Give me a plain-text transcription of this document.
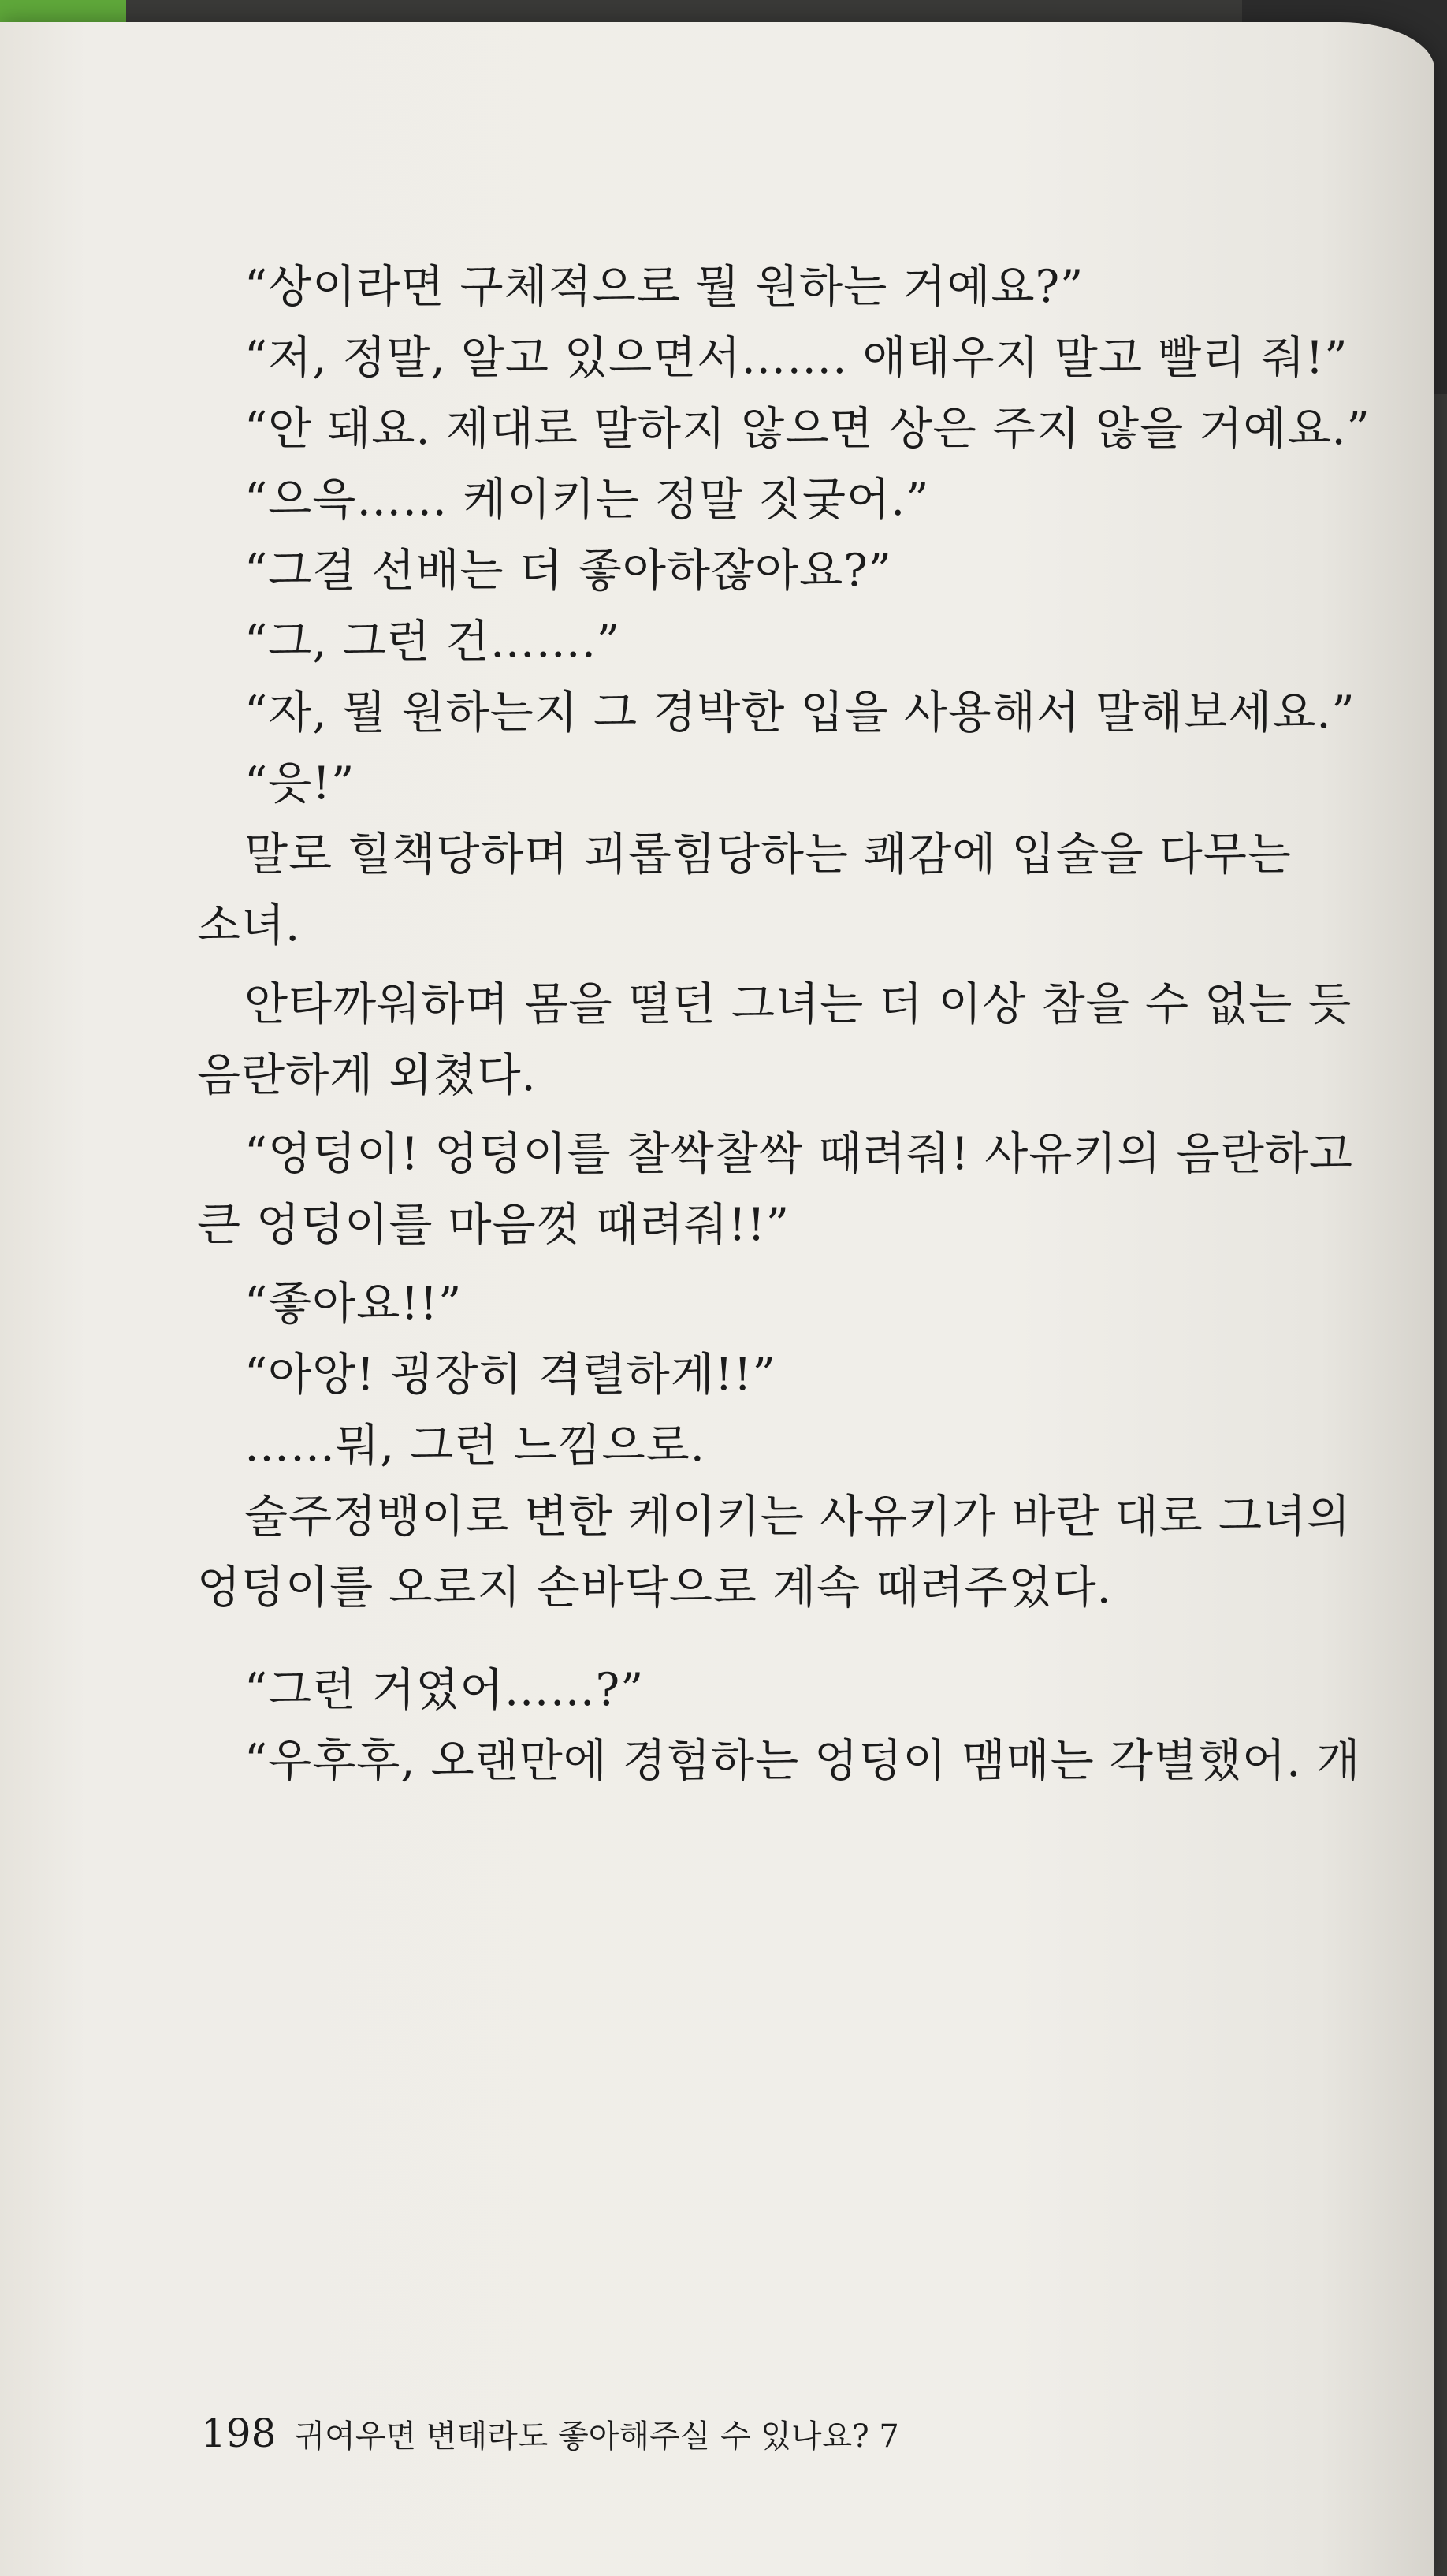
“상이라면 구체적으로 뭘 원하는 거예요?”
“저, 정말, 알고 있으면서……. 애태우지 말고 빨리 줘!”
“안 돼요. 제대로 말하지 않으면 상은 주지 않을 거예요.”
“으윽…… 케이키는 정말 짓궂어.”
“그걸 선배는 더 좋아하잖아요?”
“그, 그런 건…….”
“자, 뭘 원하는지 그 경박한 입을 사용해서 말해보세요.”
“읏!”
말로 힐책당하며 괴롭힘당하는 쾌감에 입술을 다무는
소녀.
안타까워하며 몸을 떨던 그녀는 더 이상 참을 수 없는 듯
음란하게 외쳤다.
“엉덩이! 엉덩이를 찰싹찰싹 때려줘! 사유키의 음란하고
큰 엉덩이를 마음껏 때려줘!!”
“좋아요!!”
“아앙! 굉장히 격렬하게!!”
……뭐, 그런 느낌으로.
술주정뱅이로 변한 케이키는 사유키가 바란 대로 그녀의
엉덩이를 오로지 손바닥으로 계속 때려주었다.
“그런 거였어……?”
“우후후, 오랜만에 경험하는 엉덩이 맴매는 각별했어. 개
198 귀여우면 변태라도 좋아해주실 수 있나요? 7
